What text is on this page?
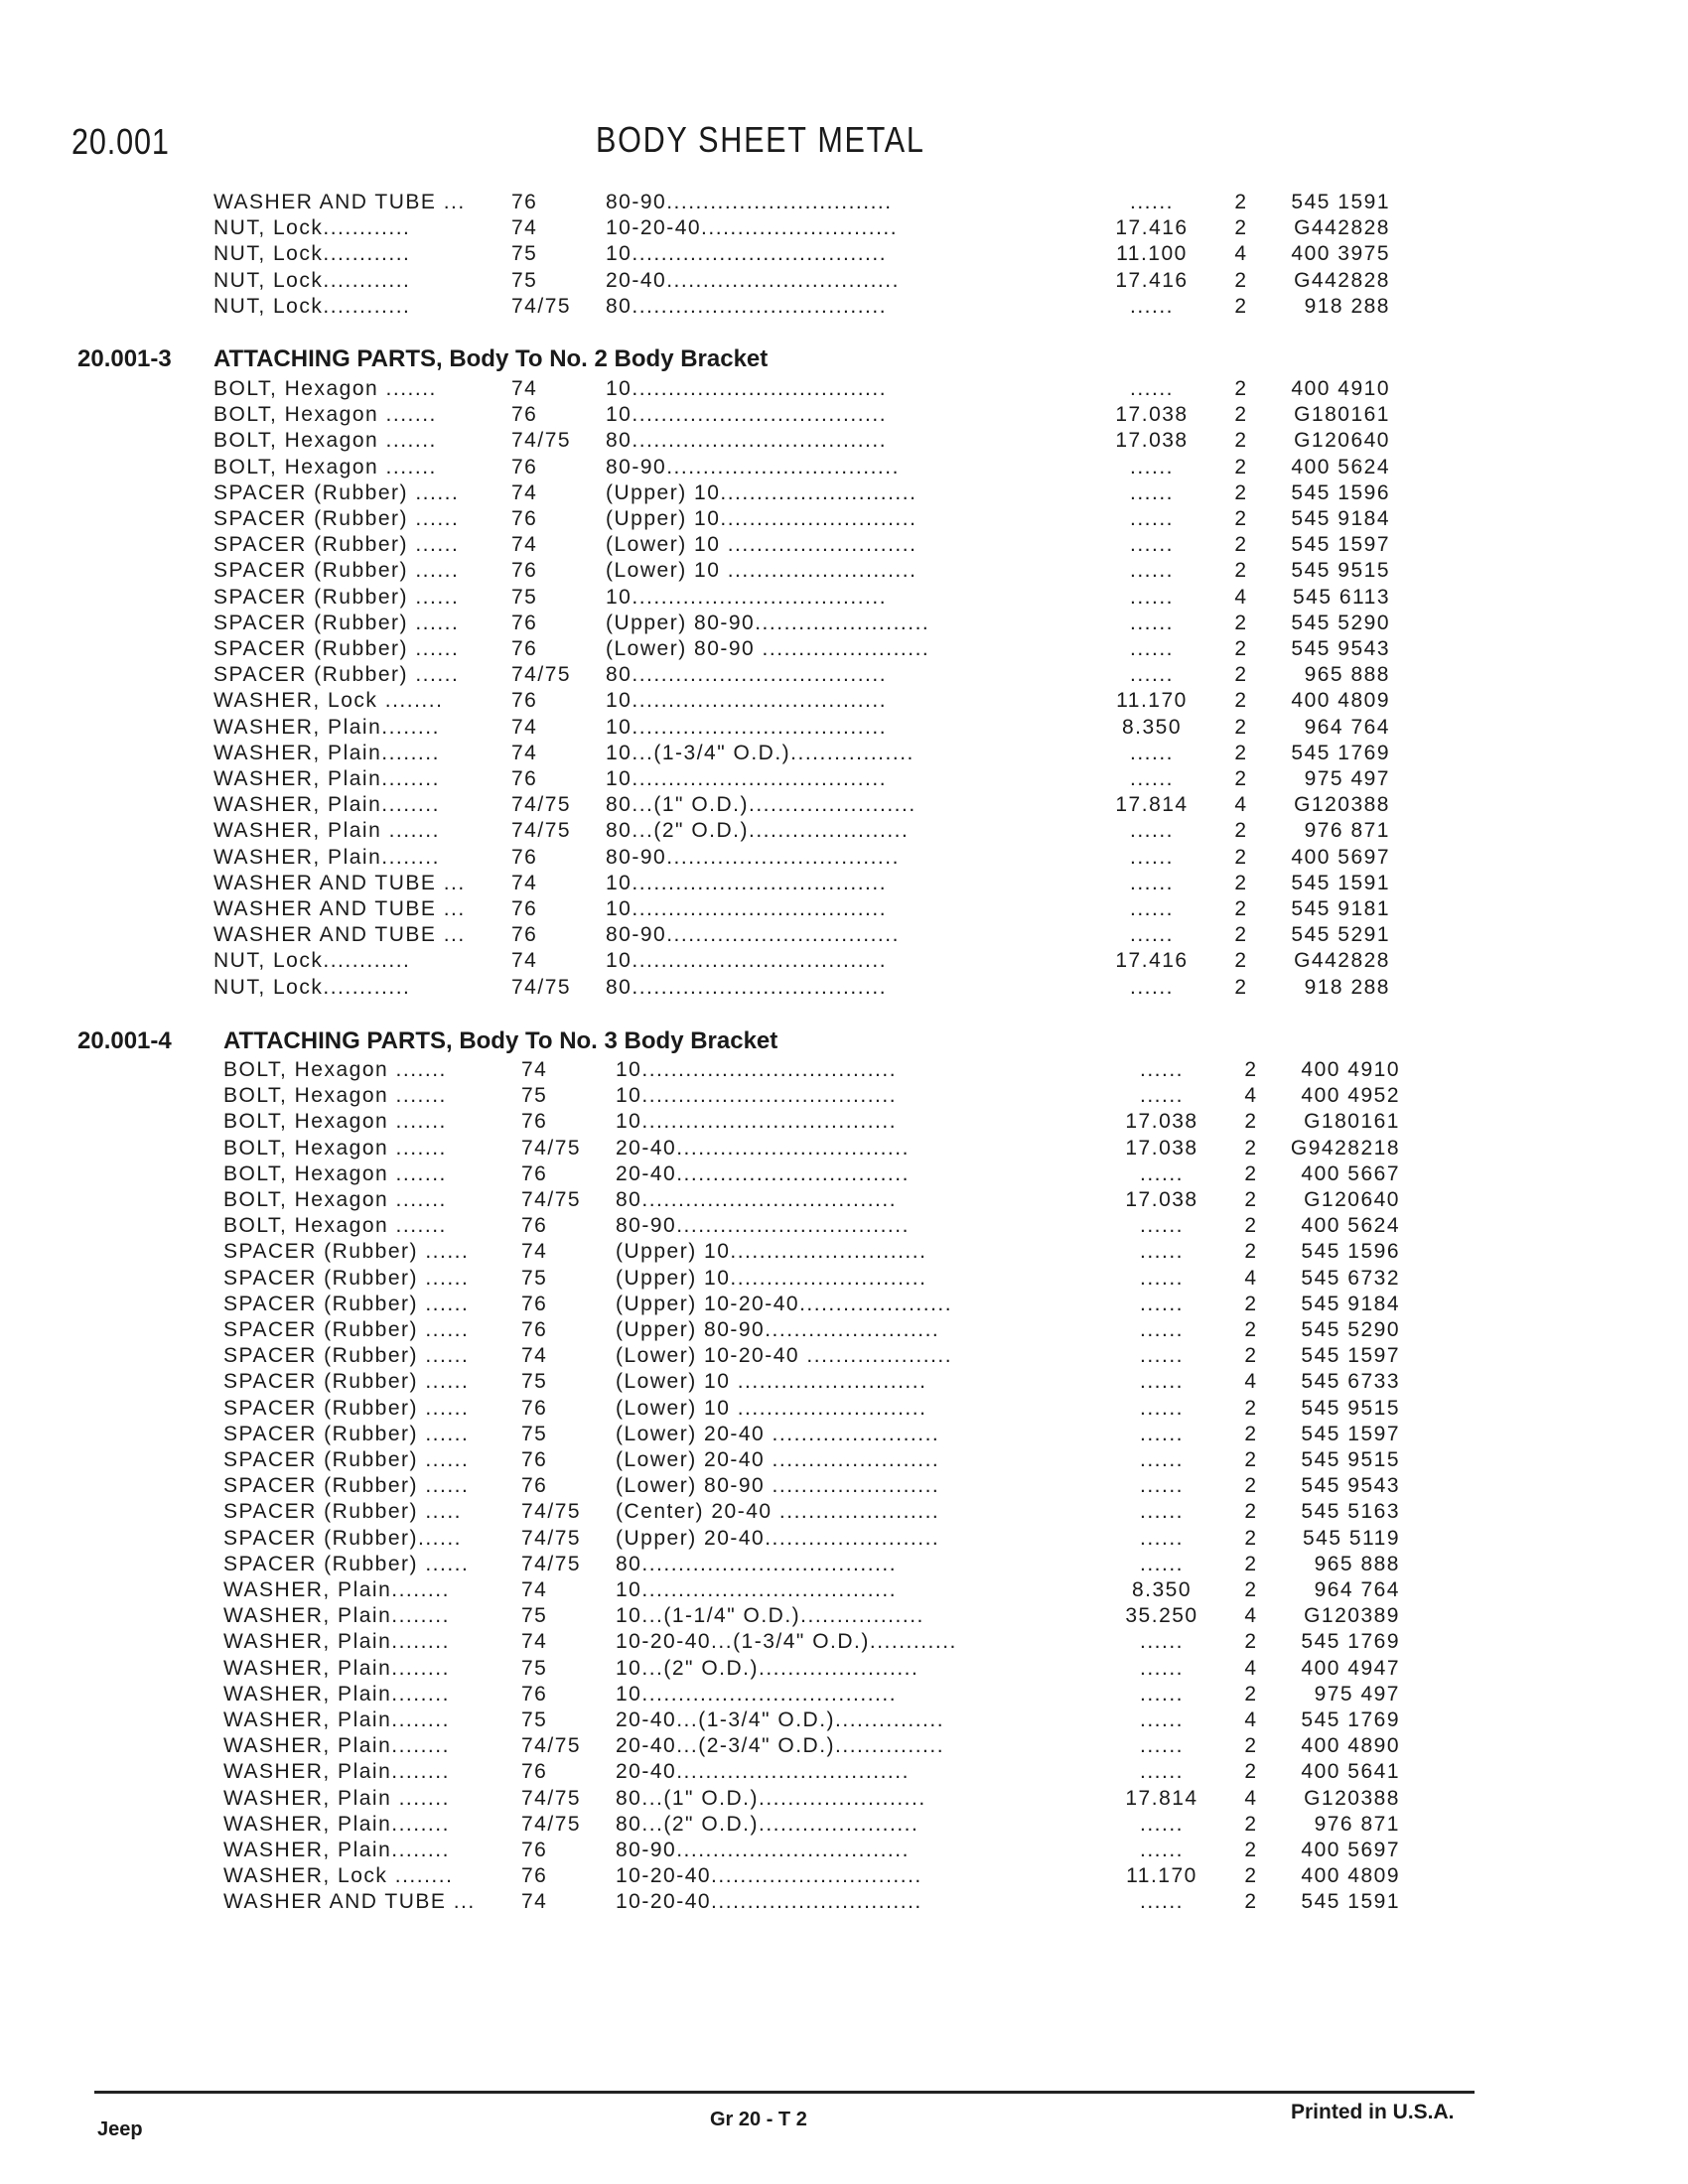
20.001	BODY SHEET METAL
WASHER AND TUBE ...	76	80-90...............................	......	2	545 1591
NUT, Lock............	74	10-20-40...........................	17.416	2	G442828
NUT, Lock............	75	10...................................	11.100	4	400 3975
NUT, Lock............	75	20-40................................	17.416	2	G442828
NUT, Lock............	74/75	80...................................	......	2	918 288
20.001-3 ATTACHING PARTS, Body To No. 2 Body Bracket
BOLT, Hexagon .......	74	10...................................	......	2	400 4910
BOLT, Hexagon .......	76	10...................................	17.038	2	G180161
BOLT, Hexagon .......	74/75	80...................................	17.038	2	G120640
BOLT, Hexagon .......	76	80-90................................	......	2	400 5624
SPACER (Rubber) ......	74	(Upper) 10...........................	......	2	545 1596
SPACER (Rubber) ......	76	(Upper) 10...........................	......	2	545 9184
SPACER (Rubber) ......	74	(Lower) 10 ..........................	......	2	545 1597
SPACER (Rubber) ......	76	(Lower) 10 ..........................	......	2	545 9515
SPACER (Rubber) ......	75	10...................................	......	4	545 6113
SPACER (Rubber) ......	76	(Upper) 80-90........................	......	2	545 5290
SPACER (Rubber) ......	76	(Lower) 80-90 .......................	......	2	545 9543
SPACER (Rubber) ......	74/75	80...................................	......	2	965 888
WASHER, Lock ........	76	10...................................	11.170	2	400 4809
WASHER, Plain........	74	10...................................	8.350	2	964 764
WASHER, Plain........	74	10...(1-3/4" O.D.).................	......	2	545 1769
WASHER, Plain........	76	10...................................	......	2	975 497
WASHER, Plain........	74/75	80...(1" O.D.).......................	17.814	4	G120388
WASHER, Plain .......	74/75	80...(2" O.D.)......................	......	2	976 871
WASHER, Plain........	76	80-90................................	......	2	400 5697
WASHER AND TUBE ...	74	10...................................	......	2	545 1591
WASHER AND TUBE ...	76	10...................................	......	2	545 9181
WASHER AND TUBE ...	76	80-90................................	......	2	545 5291
NUT, Lock............	74	10...................................	17.416	2	G442828
NUT, Lock............	74/75	80...................................	......	2	918 288
20.001-4 ATTACHING PARTS, Body To No. 3 Body Bracket
BOLT, Hexagon .......	74	10...................................	......	2	400 4910
BOLT, Hexagon .......	75	10...................................	......	4	400 4952
BOLT, Hexagon .......	76	10...................................	17.038	2	G180161
BOLT, Hexagon .......	74/75	20-40................................	17.038	2	G9428218
BOLT, Hexagon .......	76	20-40................................	......	2	400 5667
BOLT, Hexagon .......	74/75	80...................................	17.038	2	G120640
BOLT, Hexagon .......	76	80-90................................	......	2	400 5624
SPACER (Rubber) ......	74	(Upper) 10...........................	......	2	545 1596
SPACER (Rubber) ......	75	(Upper) 10...........................	......	4	545 6732
SPACER (Rubber) ......	76	(Upper) 10-20-40.....................	......	2	545 9184
SPACER (Rubber) ......	76	(Upper) 80-90........................	......	2	545 5290
SPACER (Rubber) ......	74	(Lower) 10-20-40 ....................	......	2	545 1597
SPACER (Rubber) ......	75	(Lower) 10 ..........................	......	4	545 6733
SPACER (Rubber) ......	76	(Lower) 10 ..........................	......	2	545 9515
SPACER (Rubber) ......	75	(Lower) 20-40 .......................	......	2	545 1597
SPACER (Rubber) ......	76	(Lower) 20-40 .......................	......	2	545 9515
SPACER (Rubber) ......	76	(Lower) 80-90 .......................	......	2	545 9543
SPACER (Rubber) .....	74/75	(Center) 20-40 ......................	......	2	545 5163
SPACER (Rubber)......	74/75	(Upper) 20-40........................	......	2	545 5119
SPACER (Rubber) ......	74/75	80...................................	......	2	965 888
WASHER, Plain........	74	10...................................	8.350	2	964 764
WASHER, Plain........	75	10...(1-1/4" O.D.).................	35.250	4	G120389
WASHER, Plain........	74	10-20-40...(1-3/4" O.D.)............	......	2	545 1769
WASHER, Plain........	75	10...(2" O.D.)......................	......	4	400 4947
WASHER, Plain........	76	10...................................	......	2	975 497
WASHER, Plain........	75	20-40...(1-3/4" O.D.)...............	......	4	545 1769
WASHER, Plain........	74/75	20-40...(2-3/4" O.D.)...............	......	2	400 4890
WASHER, Plain........	76	20-40................................	......	2	400 5641
WASHER, Plain .......	74/75	80...(1" O.D.).......................	17.814	4	G120388
WASHER, Plain........	74/75	80...(2" O.D.)......................	......	2	976 871
WASHER, Plain........	76	80-90................................	......	2	400 5697
WASHER, Lock ........	76	10-20-40.............................	11.170	2	400 4809
WASHER AND TUBE ...	74	10-20-40.............................	......	2	545 1591
Jeep	Gr 20 - T 2	Printed in U.S.A.
